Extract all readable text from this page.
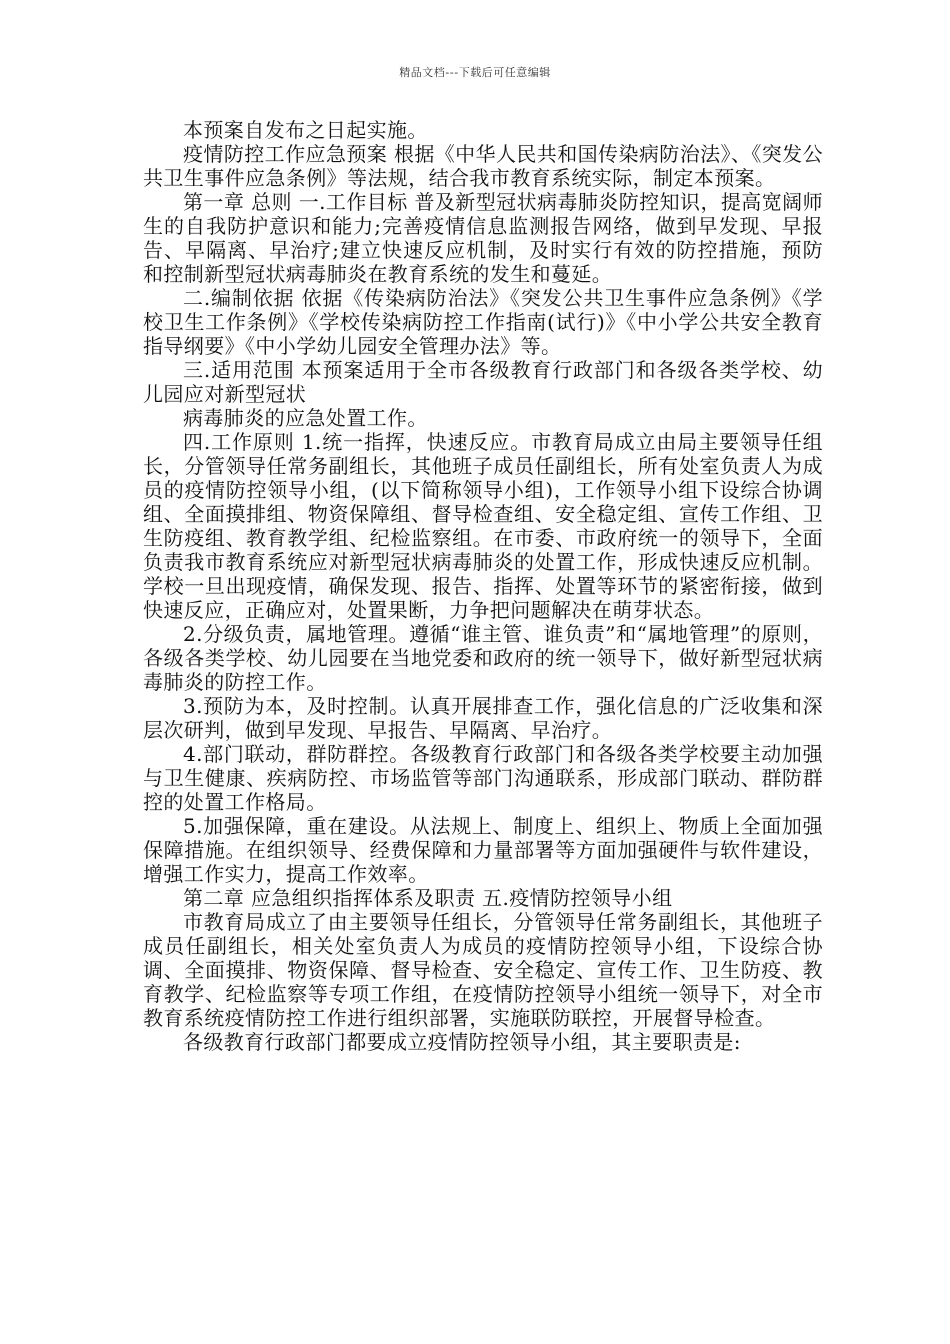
精品文档---下载后可任意编辑

本预案自发布之日起实施。

疫情防控工作应急预案 根据《中华人民共和国传染病防治法》、《突发公共卫生事件应急条例》等法规，结合我市教育系统实际，制定本预案。

第一章 总则 一.工作目标 普及新型冠状病毒肺炎防控知识，提高宽阔师生的自我防护意识和能力;完善疫情信息监测报告网络，做到早发现、早报告、早隔离、早治疗;建立快速反应机制，及时实行有效的防控措施，预防和控制新型冠状病毒肺炎在教育系统的发生和蔓延。

二.编制依据 依据《传染病防治法》《突发公共卫生事件应急条例》《学校卫生工作条例》《学校传染病防控工作指南(试行)》《中小学公共安全教育指导纲要》《中小学幼儿园安全管理办法》等。

三.适用范围 本预案适用于全市各级教育行政部门和各级各类学校、幼儿园应对新型冠状

病毒肺炎的应急处置工作。

四.工作原则 1.统一指挥，快速反应。市教育局成立由局主要领导任组长，分管领导任常务副组长，其他班子成员任副组长，所有处室负责人为成员的疫情防控领导小组，(以下简称领导小组)，工作领导小组下设综合协调组、全面摸排组、物资保障组、督导检查组、安全稳定组、宣传工作组、卫生防疫组、教育教学组、纪检监察组。在市委、市政府统一的领导下，全面负责我市教育系统应对新型冠状病毒肺炎的处置工作，形成快速反应机制。学校一旦出现疫情，确保发现、报告、指挥、处置等环节的紧密衔接，做到快速反应，正确应对，处置果断，力争把问题解决在萌芽状态。

2.分级负责，属地管理。遵循“谁主管、谁负责”和“属地管理”的原则，各级各类学校、幼儿园要在当地党委和政府的统一领导下，做好新型冠状病毒肺炎的防控工作。

3.预防为本，及时控制。认真开展排查工作，强化信息的广泛收集和深层次研判，做到早发现、早报告、早隔离、早治疗。

4.部门联动，群防群控。各级教育行政部门和各级各类学校要主动加强与卫生健康、疾病防控、市场监管等部门沟通联系，形成部门联动、群防群控的处置工作格局。

5.加强保障，重在建设。从法规上、制度上、组织上、物质上全面加强保障措施。在组织领导、经费保障和力量部署等方面加强硬件与软件建设，增强工作实力，提高工作效率。

第二章 应急组织指挥体系及职责 五.疫情防控领导小组

市教育局成立了由主要领导任组长，分管领导任常务副组长，其他班子成员任副组长，相关处室负责人为成员的疫情防控领导小组，下设综合协调、全面摸排、物资保障、督导检查、安全稳定、宣传工作、卫生防疫、教育教学、纪检监察等专项工作组，在疫情防控领导小组统一领导下，对全市教育系统疫情防控工作进行组织部署，实施联防联控，开展督导检查。

各级教育行政部门都要成立疫情防控领导小组，其主要职责是:
